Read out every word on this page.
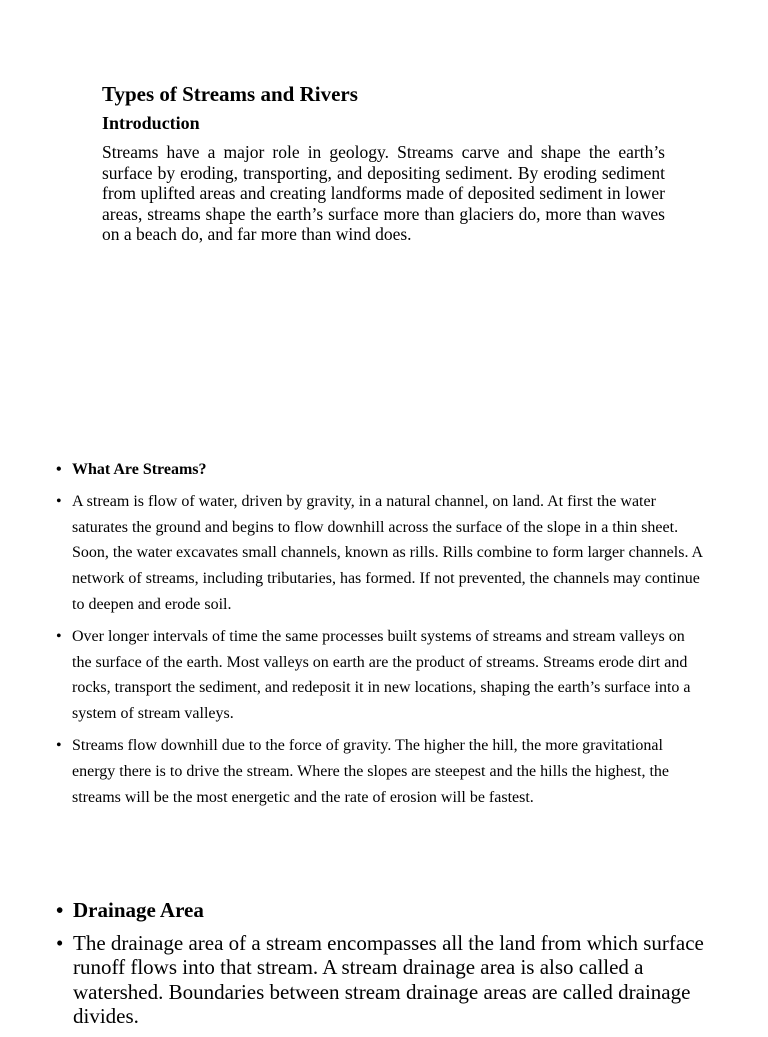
Types of Streams and Rivers
Introduction

Streams have a major role in geology. Streams carve and shape the earth’s surface by eroding, transporting, and depositing sediment. By eroding sediment from uplifted areas and creating landforms made of deposited sediment in lower areas, streams shape the earth’s surface more than glaciers do, more than waves on a beach do, and far more than wind does.

• What Are Streams?
• A stream is flow of water, driven by gravity, in a natural channel, on land. At first the water saturates the ground and begins to flow downhill across the surface of the slope in a thin sheet. Soon, the water excavates small channels, known as rills. Rills combine to form larger channels. A network of streams, including tributaries, has formed. If not prevented, the channels may continue to deepen and erode soil.
• Over longer intervals of time the same processes built systems of streams and stream valleys on the surface of the earth. Most valleys on earth are the product of streams. Streams erode dirt and rocks, transport the sediment, and redeposit it in new locations, shaping the earth’s surface into a system of stream valleys.
• Streams flow downhill due to the force of gravity. The higher the hill, the more gravitational energy there is to drive the stream. Where the slopes are steepest and the hills the highest, the streams will be the most energetic and the rate of erosion will be fastest.
• Drainage Area
• The drainage area of a stream encompasses all the land from which surface runoff flows into that stream. A stream drainage area is also called a watershed. Boundaries between stream drainage areas are called drainage divides.
